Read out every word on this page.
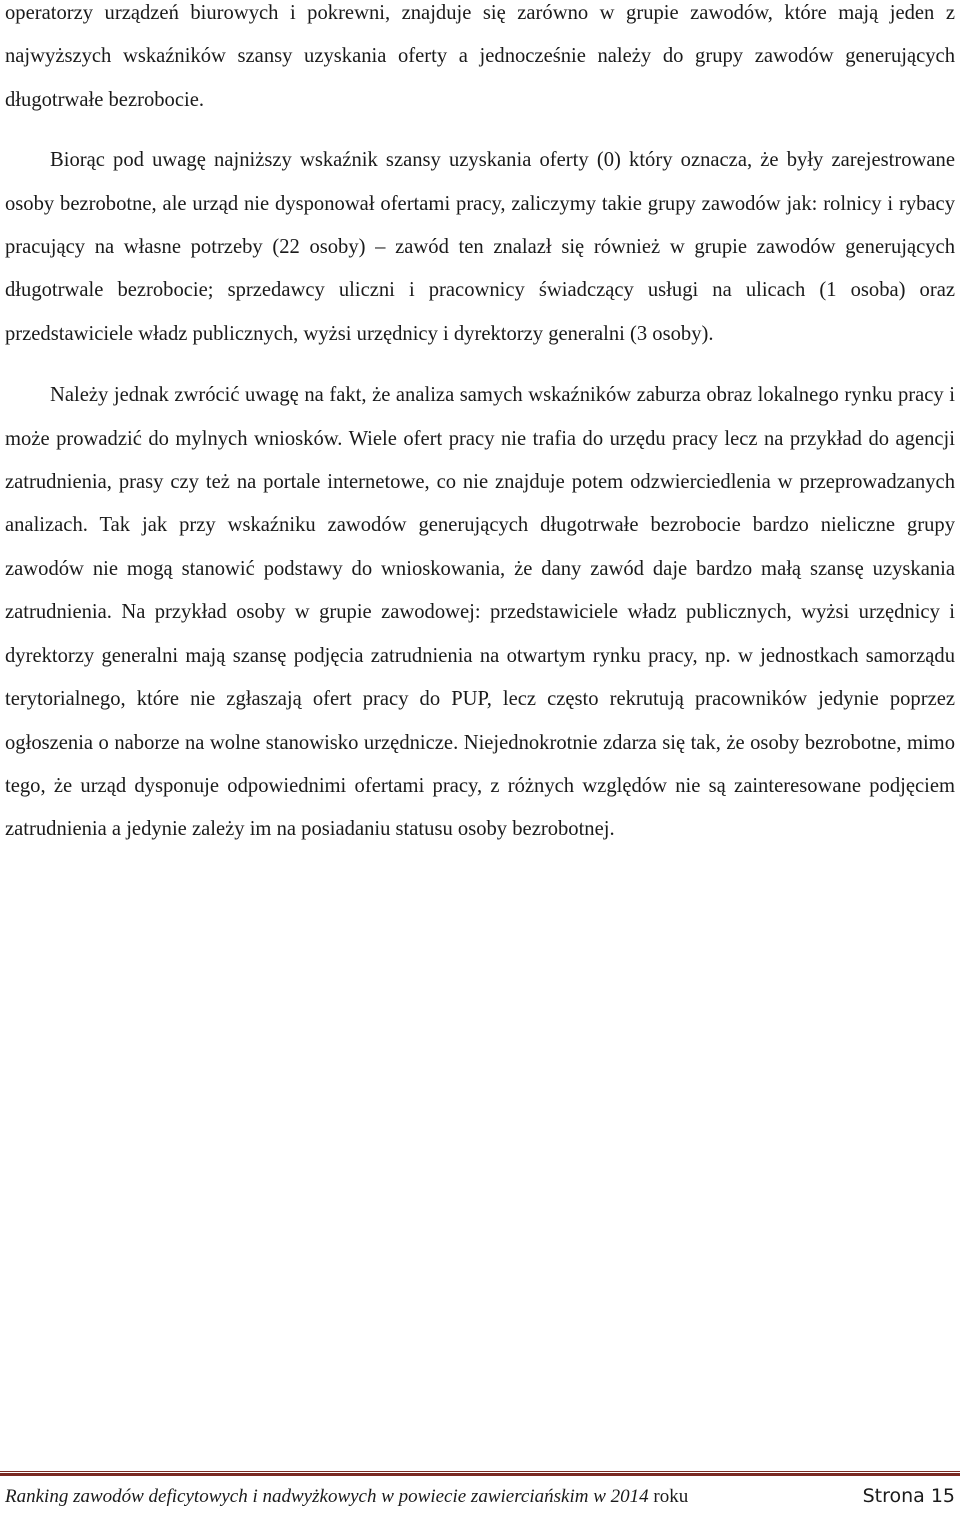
operatorzy urządzeń biurowych i pokrewni, znajduje się zarówno w grupie zawodów, które mają jeden z najwyższych wskaźników szansy uzyskania oferty a jednocześnie należy do grupy zawodów generujących długotrwałe bezrobocie.

Biorąc pod uwagę najniższy wskaźnik szansy uzyskania oferty (0) który oznacza, że były zarejestrowane osoby bezrobotne, ale urząd nie dysponował ofertami pracy, zaliczymy takie grupy zawodów jak: rolnicy i rybacy pracujący na własne potrzeby (22 osoby) – zawód ten znalazł się również w grupie zawodów generujących długotrwale bezrobocie; sprzedawcy uliczni i pracownicy świadczący usługi na ulicach (1 osoba) oraz przedstawiciele władz publicznych, wyżsi urzędnicy i dyrektorzy generalni (3 osoby).

Należy jednak zwrócić uwagę na fakt, że analiza samych wskaźników zaburza obraz lokalnego rynku pracy i może prowadzić do mylnych wniosków. Wiele ofert pracy nie trafia do urzędu pracy lecz na przykład do agencji zatrudnienia, prasy czy też na portale internetowe, co nie znajduje potem odzwierciedlenia w przeprowadzanych analizach. Tak jak przy wskaźniku zawodów generujących długotrwałe bezrobocie bardzo nieliczne grupy zawodów nie mogą stanowić podstawy do wnioskowania, że dany zawód daje bardzo małą szansę uzyskania zatrudnienia. Na przykład osoby w grupie zawodowej: przedstawiciele władz publicznych, wyżsi urzędnicy i dyrektorzy generalni mają szansę podjęcia zatrudnienia na otwartym rynku pracy, np. w jednostkach samorządu terytorialnego, które nie zgłaszają ofert pracy do PUP, lecz często rekrutują pracowników jedynie poprzez ogłoszenia o naborze na wolne stanowisko urzędnicze. Niejednokrotnie zdarza się tak, że osoby bezrobotne, mimo tego, że urząd dysponuje odpowiednimi ofertami pracy, z różnych względów nie są zainteresowane podjęciem zatrudnienia a jedynie zależy im na posiadaniu statusu osoby bezrobotnej.

Ranking zawodów deficytowych i nadwyżkowych w powiecie zawierciańskim w 2014 roku	Strona 15
